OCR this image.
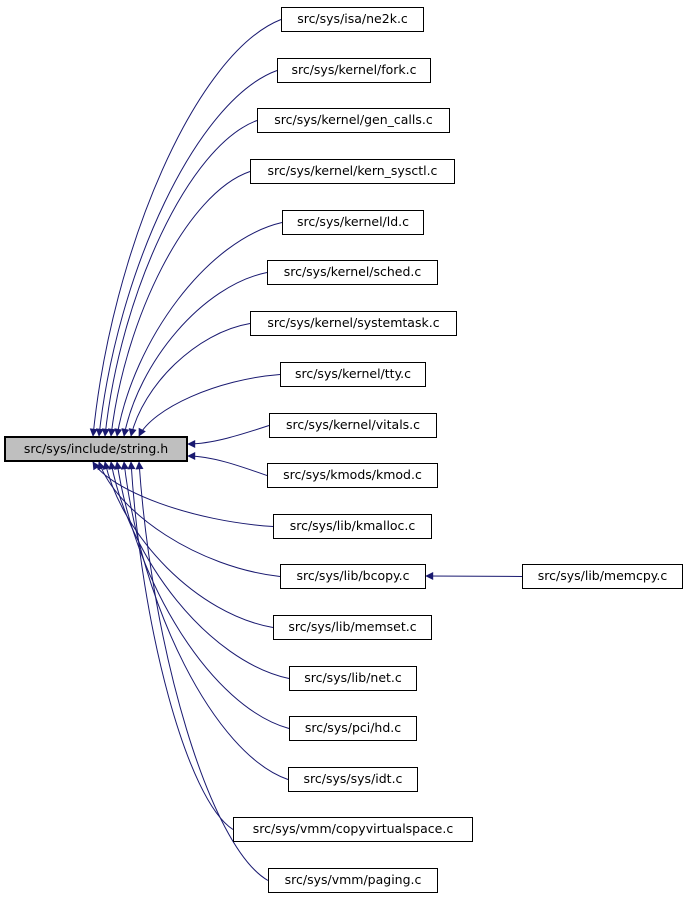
src/sys/include/string.h
src/sys/isa/ne2k.c
src/sys/kernel/fork.c
src/sys/kernel/gen_calls.c
src/sys/kernel/kern_sysctl.c
src/sys/kernel/ld.c
src/sys/kernel/sched.c
src/sys/kernel/systemtask.c
src/sys/kernel/tty.c
src/sys/kernel/vitals.c
src/sys/kmods/kmod.c
src/sys/lib/kmalloc.c
src/sys/lib/bcopy.c	src/sys/lib/memcpy.c
src/sys/lib/memset.c
src/sys/lib/net.c
src/sys/pci/hd.c
src/sys/sys/idt.c
src/sys/vmm/copyvirtualspace.c
src/sys/vmm/paging.c
